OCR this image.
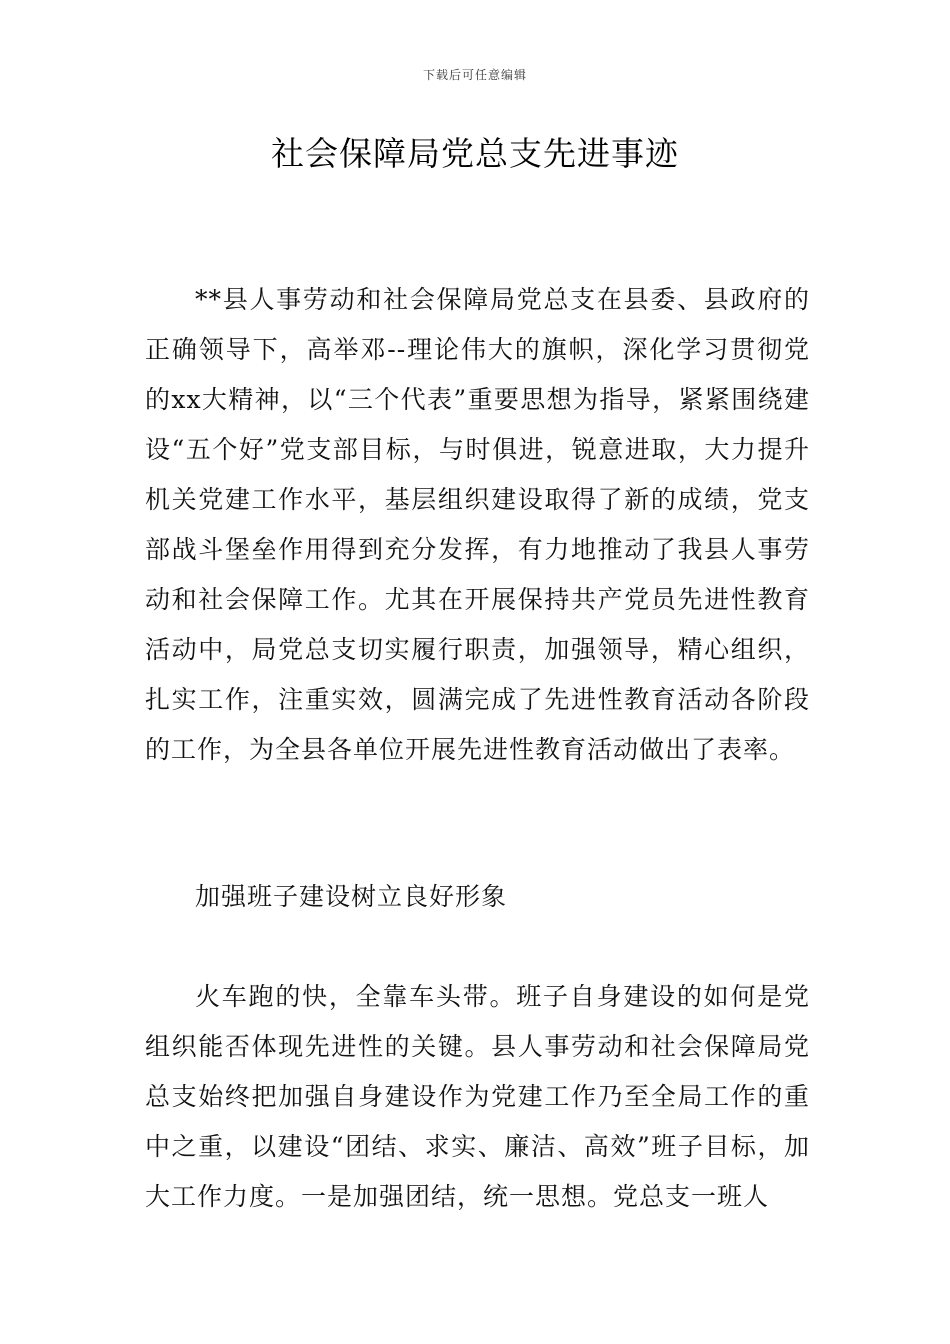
下载后可任意编辑
社会保障局党总支先进事迹

**县人事劳动和社会保障局党总支在县委、县政府的正确领导下，高举邓--理论伟大的旗帜，深化学习贯彻党的xx大精神，以“三个代表”重要思想为指导，紧紧围绕建设“五个好”党支部目标，与时俱进，锐意进取，大力提升机关党建工作水平，基层组织建设取得了新的成绩，党支部战斗堡垒作用得到充分发挥，有力地推动了我县人事劳动和社会保障工作。尤其在开展保持共产党员先进性教育活动中，局党总支切实履行职责，加强领导，精心组织，扎实工作，注重实效，圆满完成了先进性教育活动各阶段的工作，为全县各单位开展先进性教育活动做出了表率。

加强班子建设树立良好形象

火车跑的快，全靠车头带。班子自身建设的如何是党组织能否体现先进性的关键。县人事劳动和社会保障局党总支始终把加强自身建设作为党建工作乃至全局工作的重中之重，以建设“团结、求实、廉洁、高效”班子目标，加大工作力度。一是加强团结，统一思想。党总支一班人
